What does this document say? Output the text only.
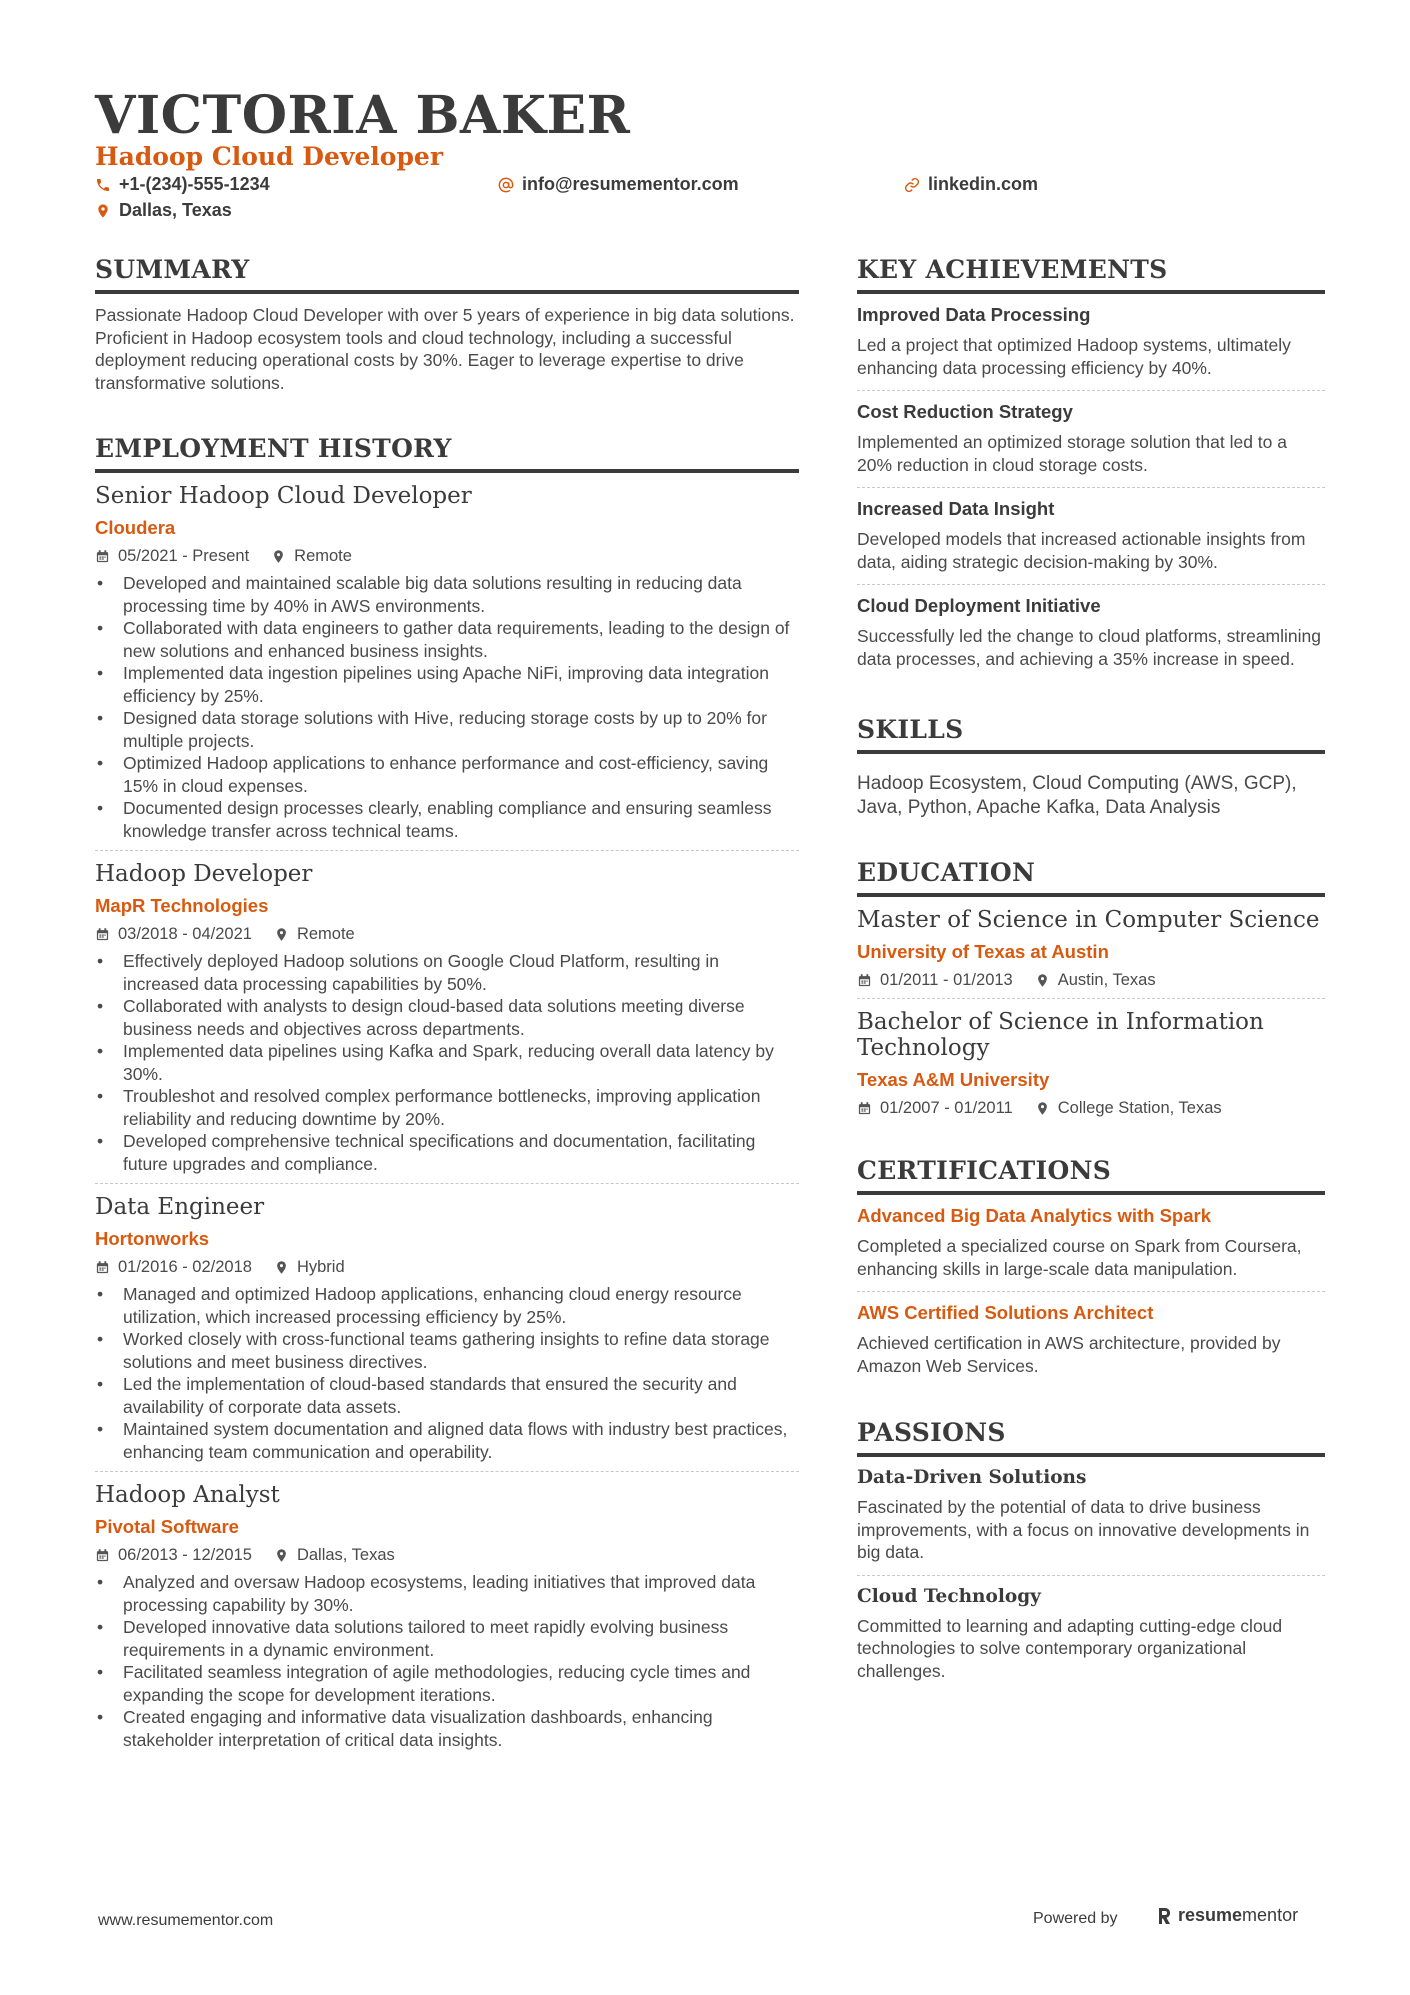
VICTORIA BAKER
Hadoop Cloud Developer
+1-(234)-555-1234	info@resumementor.com	linkedin.com
Dallas, Texas
SUMMARY
Passionate Hadoop Cloud Developer with over 5 years of experience in big data solutions. Proficient in Hadoop ecosystem tools and cloud technology, including a successful deployment reducing operational costs by 30%. Eager to leverage expertise to drive transformative solutions.
EMPLOYMENT HISTORY
Senior Hadoop Cloud Developer
Cloudera
05/2021 - Present	Remote
• Developed and maintained scalable big data solutions resulting in reducing data processing time by 40% in AWS environments.
• Collaborated with data engineers to gather data requirements, leading to the design of new solutions and enhanced business insights.
• Implemented data ingestion pipelines using Apache NiFi, improving data integration efficiency by 25%.
• Designed data storage solutions with Hive, reducing storage costs by up to 20% for multiple projects.
• Optimized Hadoop applications to enhance performance and cost-efficiency, saving 15% in cloud expenses.
• Documented design processes clearly, enabling compliance and ensuring seamless knowledge transfer across technical teams.
Hadoop Developer
MapR Technologies
03/2018 - 04/2021	Remote
• Effectively deployed Hadoop solutions on Google Cloud Platform, resulting in increased data processing capabilities by 50%.
• Collaborated with analysts to design cloud-based data solutions meeting diverse business needs and objectives across departments.
• Implemented data pipelines using Kafka and Spark, reducing overall data latency by 30%.
• Troubleshot and resolved complex performance bottlenecks, improving application reliability and reducing downtime by 20%.
• Developed comprehensive technical specifications and documentation, facilitating future upgrades and compliance.
Data Engineer
Hortonworks
01/2016 - 02/2018	Hybrid
• Managed and optimized Hadoop applications, enhancing cloud energy resource utilization, which increased processing efficiency by 25%.
• Worked closely with cross-functional teams gathering insights to refine data storage solutions and meet business directives.
• Led the implementation of cloud-based standards that ensured the security and availability of corporate data assets.
• Maintained system documentation and aligned data flows with industry best practices, enhancing team communication and operability.
Hadoop Analyst
Pivotal Software
06/2013 - 12/2015	Dallas, Texas
• Analyzed and oversaw Hadoop ecosystems, leading initiatives that improved data processing capability by 30%.
• Developed innovative data solutions tailored to meet rapidly evolving business requirements in a dynamic environment.
• Facilitated seamless integration of agile methodologies, reducing cycle times and expanding the scope for development iterations.
• Created engaging and informative data visualization dashboards, enhancing stakeholder interpretation of critical data insights.
KEY ACHIEVEMENTS
Improved Data Processing
Led a project that optimized Hadoop systems, ultimately enhancing data processing efficiency by 40%.
Cost Reduction Strategy
Implemented an optimized storage solution that led to a 20% reduction in cloud storage costs.
Increased Data Insight
Developed models that increased actionable insights from data, aiding strategic decision-making by 30%.
Cloud Deployment Initiative
Successfully led the change to cloud platforms, streamlining data processes, and achieving a 35% increase in speed.
SKILLS
Hadoop Ecosystem, Cloud Computing (AWS, GCP), Java, Python, Apache Kafka, Data Analysis
EDUCATION
Master of Science in Computer Science
University of Texas at Austin
01/2011 - 01/2013	Austin, Texas
Bachelor of Science in Information Technology
Texas A&M University
01/2007 - 01/2011	College Station, Texas
CERTIFICATIONS
Advanced Big Data Analytics with Spark
Completed a specialized course on Spark from Coursera, enhancing skills in large-scale data manipulation.
AWS Certified Solutions Architect
Achieved certification in AWS architecture, provided by Amazon Web Services.
PASSIONS
Data-Driven Solutions
Fascinated by the potential of data to drive business improvements, with a focus on innovative developments in big data.
Cloud Technology
Committed to learning and adapting cutting-edge cloud technologies to solve contemporary organizational challenges.
www.resumementor.com	Powered by	resumementor
